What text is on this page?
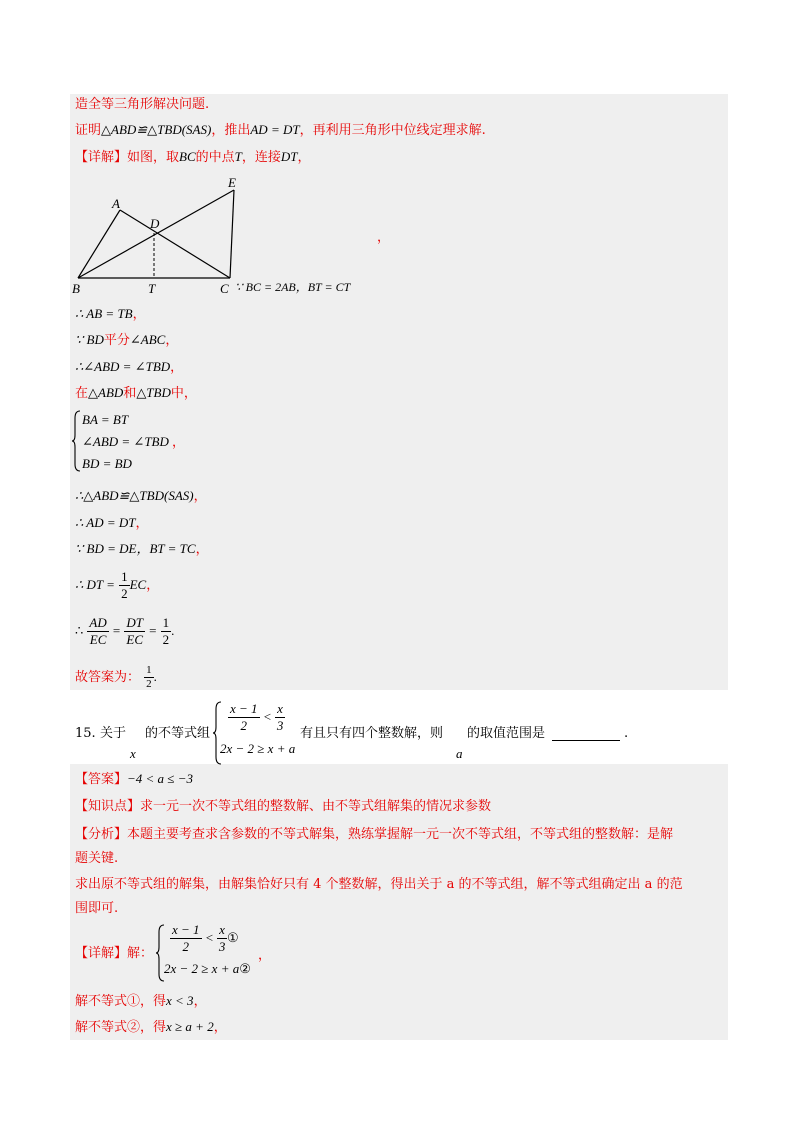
造全等三角形解决问题.
证明△ABD≌△TBD(SAS)，推出AD = DT，再利用三角形中位线定理求解.
【详解】如图，取BC的中点T，连接DT，
A
D
E
B	T	C
，
∵ BC = 2AB，BT = CT
∴ AB = TB，
∵ BD平分∠ABC，
∴∠ABD = ∠TBD，
在△ABD和△TBD中，
BA = BT
∠ABD = ∠TBD
BD = BD
，
∴△ABD≌△TBD(SAS)，
∴ AD = DT，
∵ BD = DE，BT = TC，
∴ DT = $\frac{1}{2}$ EC，
∴ $\frac{AD}{EC} = \frac{DT}{EC} = \frac{1}{2}$ .
故答案为： $\frac{1}{2}$ .
15. 关于
x
的不等式组 $\frac{x - 1}{2} < \frac{x}{3}$
2x − 2 ≥ x + a
有且只有四个整数解，则
a
的取值范围是	.
【答案】−4 < a ≤ −3
【知识点】求一元一次不等式组的整数解、由不等式组解集的情况求参数
【分析】本题主要考查求含参数的不等式解集，熟练掌握解一元一次不等式组，不等式组的整数解：是解
题关键.
求出原不等式组的解集，由解集恰好只有 4 个整数解，得出关于 a 的不等式组，解不等式组确定出 a 的范
围即可.
【详解】解： $\frac{x - 1}{2} < \frac{x}{3}$ ①
2x − 2 ≥ x + a②
，
解不等式①，得x < 3，
解不等式②，得x ≥ a + 2，
